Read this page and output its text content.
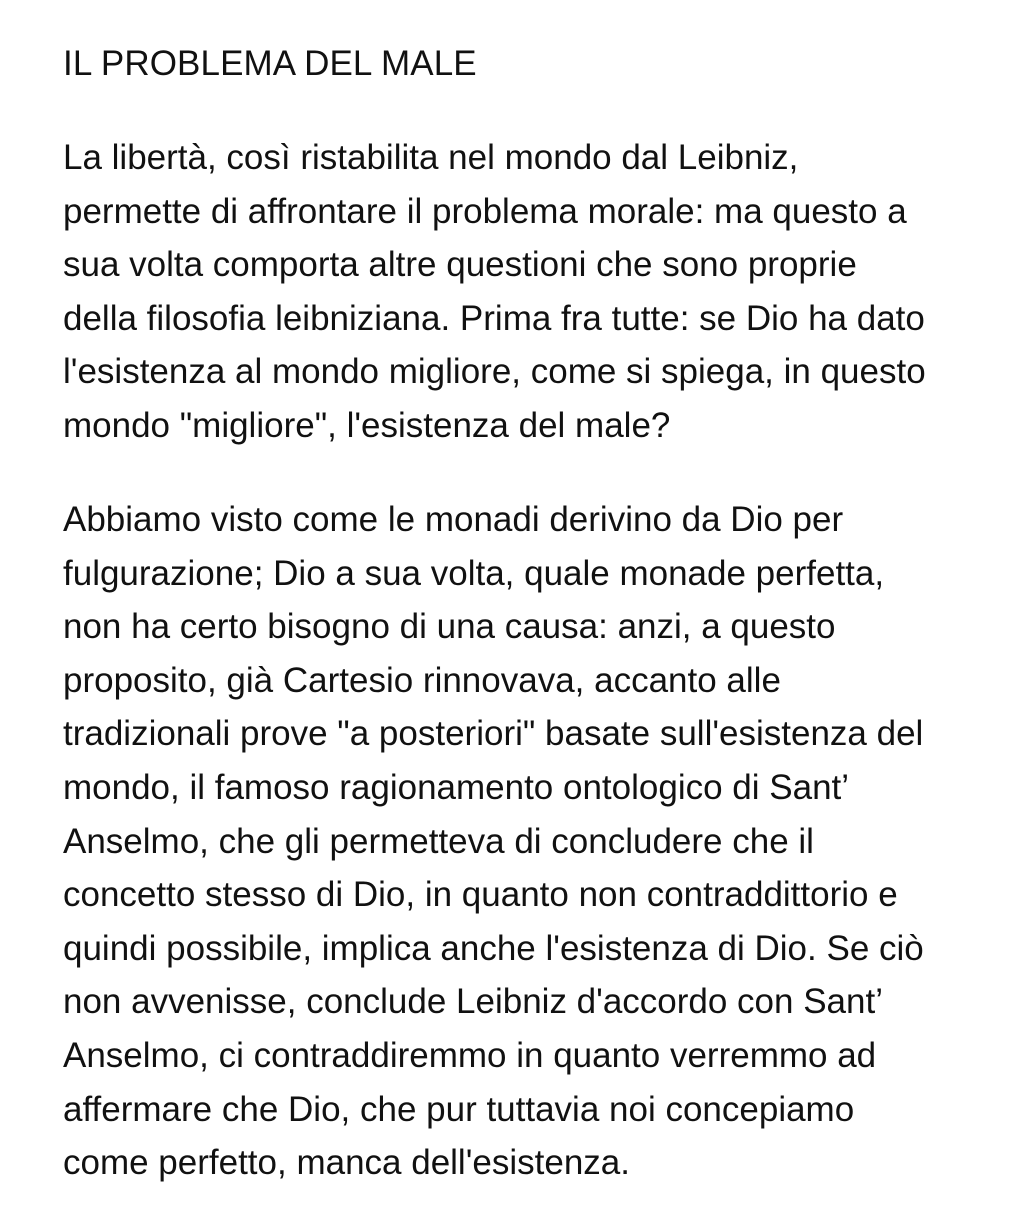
IL PROBLEMA DEL MALE

La libertà, così ristabilita nel mondo dal Leibniz,
permette di affrontare il problema morale: ma questo a
sua volta comporta altre questioni che sono proprie
della filosofia leibniziana. Prima fra tutte: se Dio ha dato
l'esistenza al mondo migliore, come si spiega, in questo
mondo "migliore", l'esistenza del male?

Abbiamo visto come le monadi derivino da Dio per
fulgurazione; Dio a sua volta, quale monade perfetta,
non ha certo bisogno di una causa: anzi, a questo
proposito, già Cartesio rinnovava, accanto alle
tradizionali prove "a posteriori" basate sull'esistenza del
mondo, il famoso ragionamento ontologico di Sant’
Anselmo, che gli permetteva di concludere che il
concetto stesso di Dio, in quanto non contraddittorio e
quindi possibile, implica anche l'esistenza di Dio. Se ciò
non avvenisse, conclude Leibniz d'accordo con Sant’
Anselmo, ci contraddiremmo in quanto verremmo ad
affermare che Dio, che pur tuttavia noi concepiamo
come perfetto, manca dell'esistenza.
